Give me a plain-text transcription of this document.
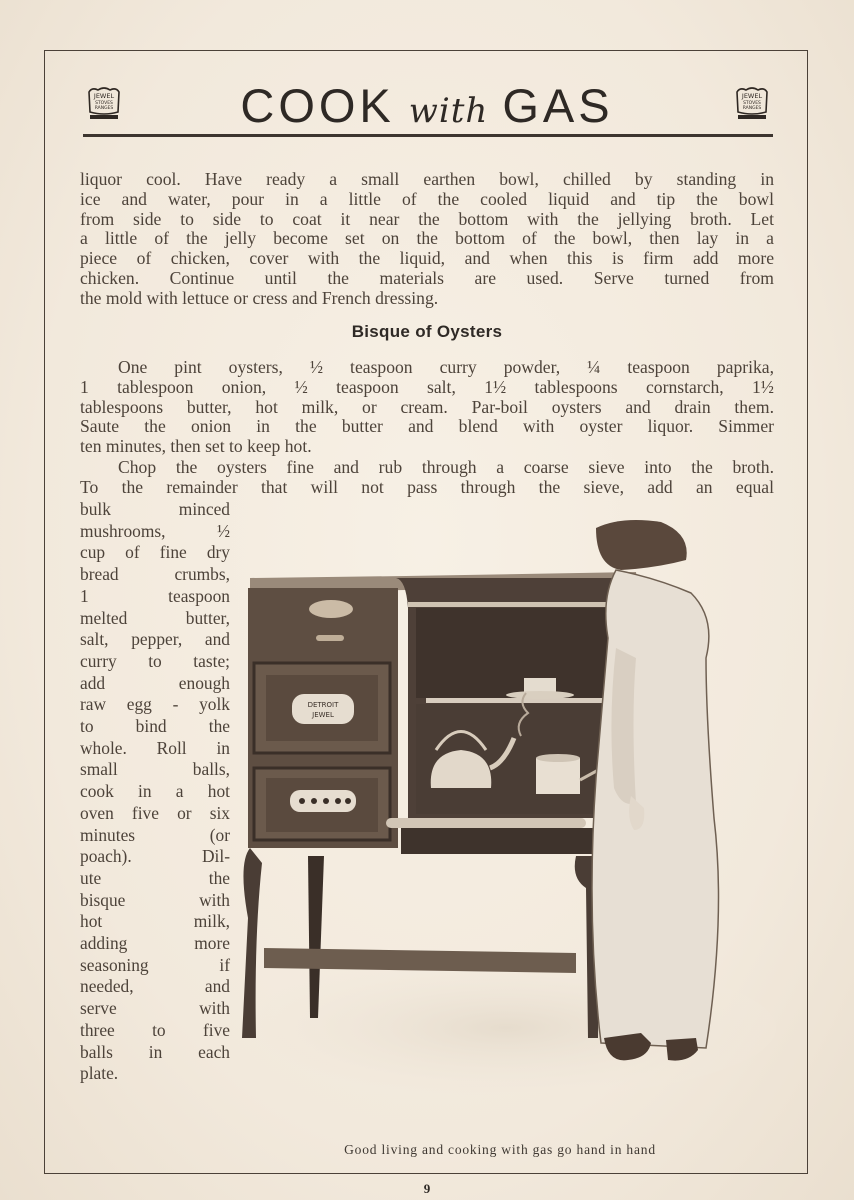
JEWEL
STOVES
RANGES	COOK with GAS	JEWEL
STOVES
RANGES
liquor cool. Have ready a small earthen bowl, chilled by standing in
ice and water, pour in a little of the cooled liquid and tip the bowl
from side to side to coat it near the bottom with the jellying broth. Let
a little of the jelly become set on the bottom of the bowl, then lay in a
piece of chicken, cover with the liquid, and when this is firm add more
chicken. Continue until the materials are used. Serve turned from
the mold with lettuce or cress and French dressing.
Bisque of Oysters
One pint oysters, ½ teaspoon curry powder, ¼ teaspoon paprika,
1 tablespoon onion, ½ teaspoon salt, 1½ tablespoons cornstarch, 1½
tablespoons butter, hot milk, or cream. Par-boil oysters and drain them.
Saute the onion in the butter and blend with oyster liquor. Simmer
ten minutes, then set to keep hot.
Chop the oysters fine and rub through a coarse sieve into the broth.
To the remainder that will not pass through the sieve, add an equal
bulk minced
mushrooms, ½
cup of fine dry
bread crumbs,
1 teaspoon
melted butter,
salt, pepper, and
curry to taste;
add enough
raw egg - yolk
to bind the
whole. Roll in
small balls,
cook in a hot
oven five or six
minutes (or
poach). Dil-
ute the
bisque with
hot milk,
adding more
seasoning if
needed, and
serve with
three to five
balls in each
plate.
DETROIT
JEWEL
Good living and cooking with gas go hand in hand
9
